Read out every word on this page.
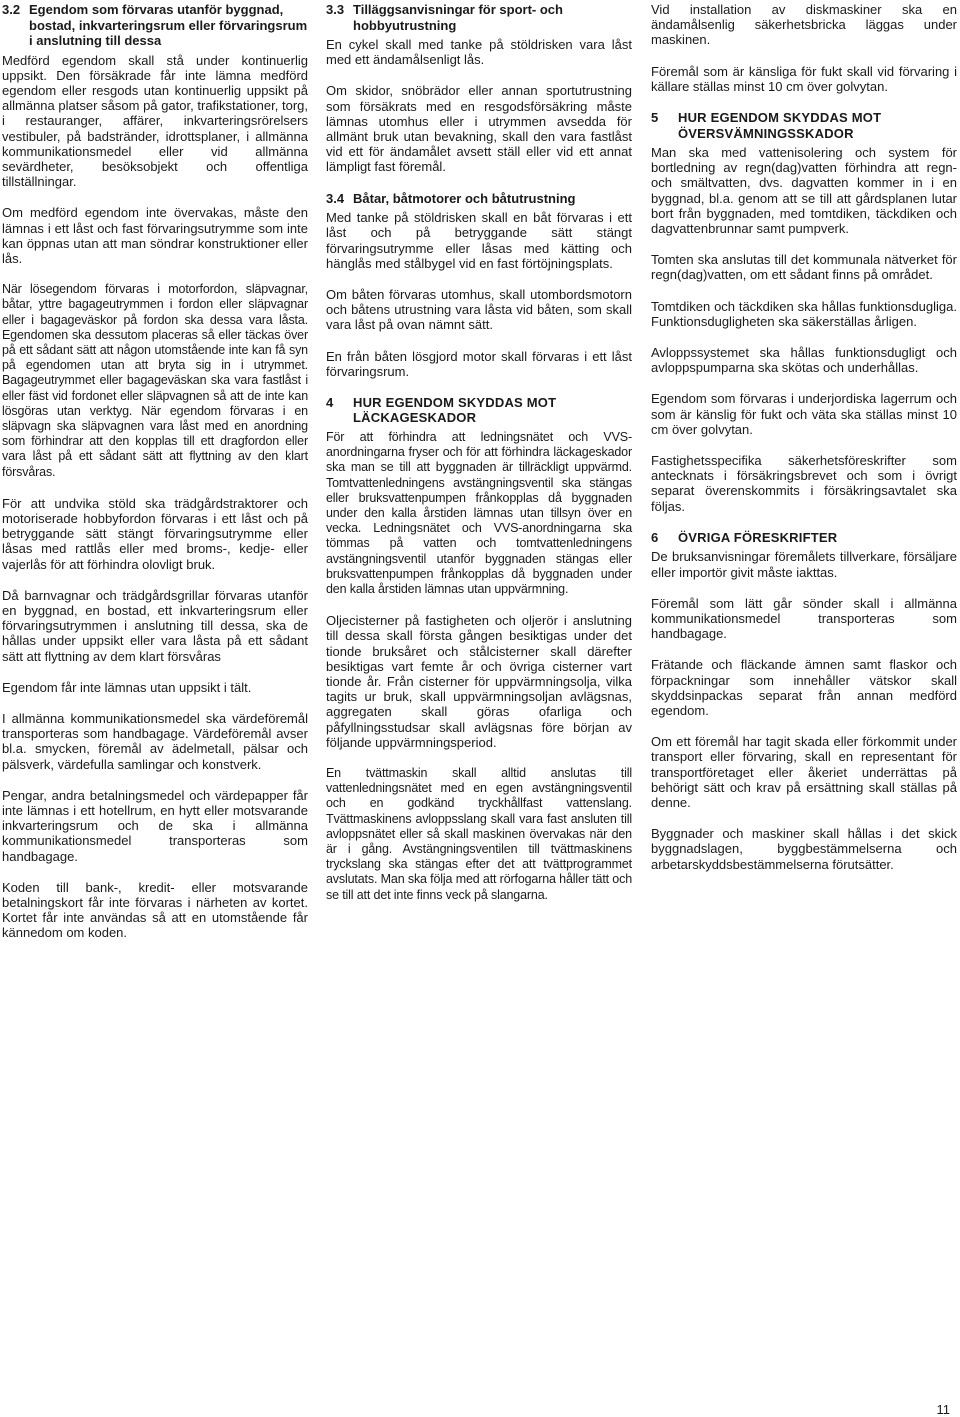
3.2 Egendom som förvaras utanför byggnad, bostad, inkvarteringsrum eller förvaringsrum i anslutning till dessa

Medförd egendom skall stå under kontinuerlig uppsikt. Den försäkrade får inte lämna medförd egendom eller resgods utan kontinuerlig uppsikt på allmänna platser såsom på gator, trafikstationer, torg, i restauranger, affärer, inkvarteringsrörelsers vestibuler, på badstränder, idrottsplaner, i allmänna kommunikationsmedel eller vid allmänna sevärdheter, besöksobjekt och offentliga tillställningar.

Om medförd egendom inte övervakas, måste den lämnas i ett låst och fast förvaringsutrymme som inte kan öppnas utan att man söndrar konstruktioner eller lås.

När lösegendom förvaras i motorfordon, släpvagnar, båtar, yttre bagageutrymmen i fordon eller släpvagnar eller i bagageväskor på fordon ska dessa vara låsta. Egendomen ska dessutom placeras så eller täckas över på ett sådant sätt att någon utomstående inte kan få syn på egendomen utan att bryta sig in i utrymmet. Bagageutrymmet eller bagageväskan ska vara fastlåst i eller fäst vid fordonet eller släpvagnen så att de inte kan lösgöras utan verktyg. När egendom förvaras i en släpvagn ska släpvagnen vara låst med en anordning som förhindrar att den kopplas till ett dragfordon eller vara låst på ett sådant sätt att flyttning av den klart försvåras.

För att undvika stöld ska trädgårdstraktorer och motoriserade hobbyfordon förvaras i ett låst och på betryggande sätt stängt förvaringsutrymme eller låsas med rattlås eller med broms-, kedje- eller vajerlås för att förhindra olovligt bruk.

Då barnvagnar och trädgårdsgrillar förvaras utanför en byggnad, en bostad, ett inkvarteringsrum eller förvaringsutrymmen i anslutning till dessa, ska de hållas under uppsikt eller vara låsta på ett sådant sätt att flyttning av dem klart försvåras

Egendom får inte lämnas utan uppsikt i tält.

I allmänna kommunikationsmedel ska värdeföremål transporteras som handbagage. Värdeföremål avser bl.a. smycken, föremål av ädelmetall, pälsar och pälsverk, värdefulla samlingar och konstverk.

Pengar, andra betalningsmedel och värdepapper får inte lämnas i ett hotellrum, en hytt eller motsvarande inkvarteringsrum och de ska i allmänna kommunikationsmedel transporteras som handbagage.

Koden till bank-, kredit- eller motsvarande betalningskort får inte förvaras i närheten av kortet. Kortet får inte användas så att en utomstående får kännedom om koden.

3.3 Tilläggsanvisningar för sport- och hobbyutrustning

En cykel skall med tanke på stöldrisken vara låst med ett ändamålsenligt lås.

Om skidor, snöbrädor eller annan sportutrustning som försäkrats med en resgodsförsäkring måste lämnas utomhus eller i utrymmen avsedda för allmänt bruk utan bevakning, skall den vara fastlåst vid ett för ändamålet avsett ställ eller vid ett annat lämpligt fast föremål.

3.4 Båtar, båtmotorer och båtutrustning

Med tanke på stöldrisken skall en båt förvaras i ett låst och på betryggande sätt stängt förvaringsutrymme eller låsas med kätting och hänglås med stålbygel vid en fast förtöjningsplats.

Om båten förvaras utomhus, skall utombordsmotorn och båtens utrustning vara låsta vid båten, som skall vara låst på ovan nämnt sätt.

En från båten lösgjord motor skall förvaras i ett låst förvaringsrum.

4	HUR EGENDOM SKYDDAS MOT LÄCKAGESKADOR

För att förhindra att ledningsnätet och VVS-anordningarna fryser och för att förhindra läckageskador ska man se till att byggnaden är tillräckligt uppvärmd. Tomtvattenledningens avstängningsventil ska stängas eller bruksvattenpumpen frånkopplas då byggnaden under den kalla årstiden lämnas utan tillsyn över en vecka. Ledningsnätet och VVS-anordningarna ska tömmas på vatten och tomtvattenledningens avstängningsventil utanför byggnaden stängas eller bruksvattenpumpen frånkopplas då byggnaden under den kalla årstiden lämnas utan uppvärmning.

Oljecisterner på fastigheten och oljerör i anslutning till dessa skall första gången besiktigas under det tionde bruksåret och stålcisterner skall därefter besiktigas vart femte år och övriga cisterner vart tionde år. Från cisterner för uppvärmningsolja, vilka tagits ur bruk, skall uppvärmningsoljan avlägsnas, aggregaten skall göras ofarliga och påfyllningsstudsar skall avlägsnas före början av följande uppvärmningsperiod.

En tvättmaskin skall alltid anslutas till vattenledningsnätet med en egen avstängningsventil och en godkänd tryckhållfast vattenslang. Tvättmaskinens avloppsslang skall vara fast ansluten till avloppsnätet eller så skall maskinen övervakas när den är i gång. Avstängningsventilen till tvättmaskinens tryckslang ska stängas efter det att tvättprogrammet avslutats. Man ska följa med att rörfogarna håller tätt och se till att det inte finns veck på slangarna.

Vid installation av diskmaskiner ska en ändamålsenlig säkerhetsbricka läggas under maskinen.

Föremål som är känsliga för fukt skall vid förvaring i källare ställas minst 10 cm över golvytan.

5	HUR EGENDOM SKYDDAS MOT ÖVERSVÄMNINGSSKADOR

Man ska med vattenisolering och system för bortledning av regn(dag)vatten förhindra att regn- och smältvatten, dvs. dagvatten kommer in i en byggnad, bl.a. genom att se till att gårdsplanen lutar bort från byggnaden, med tomtdiken, täckdiken och dagvattenbrunnar samt pumpverk.

Tomten ska anslutas till det kommunala nätverket för regn(dag)vatten, om ett sådant finns på området.

Tomtdiken och täckdiken ska hållas funktionsdugliga. Funktionsdugligheten ska säkerställas årligen.

Avloppssystemet ska hållas funktionsdugligt och avloppspumparna ska skötas och underhållas.

Egendom som förvaras i underjordiska lagerrum och som är känslig för fukt och väta ska ställas minst 10 cm över golvytan.

Fastighetsspecifika säkerhetsföreskrifter som antecknats i försäkringsbrevet och som i övrigt separat överenskommits i försäkringsavtalet ska följas.

6	ÖVRIGA FÖRESKRIFTER

De bruksanvisningar föremålets tillverkare, försäljare eller importör givit måste iakttas.

Föremål som lätt går sönder skall i allmänna kommunikationsmedel transporteras som handbagage.

Frätande och fläckande ämnen samt flaskor och förpackningar som innehåller vätskor skall skyddsinpackas separat från annan medförd egendom.

Om ett föremål har tagit skada eller förkommit under transport eller förvaring, skall en representant för transportföretaget eller åkeriet underrättas på behörigt sätt och krav på ersättning skall ställas på denne.

Byggnader och maskiner skall hållas i det skick byggnadslagen, byggbestämmelserna och arbetarskyddsbestämmelserna förutsätter.

11
